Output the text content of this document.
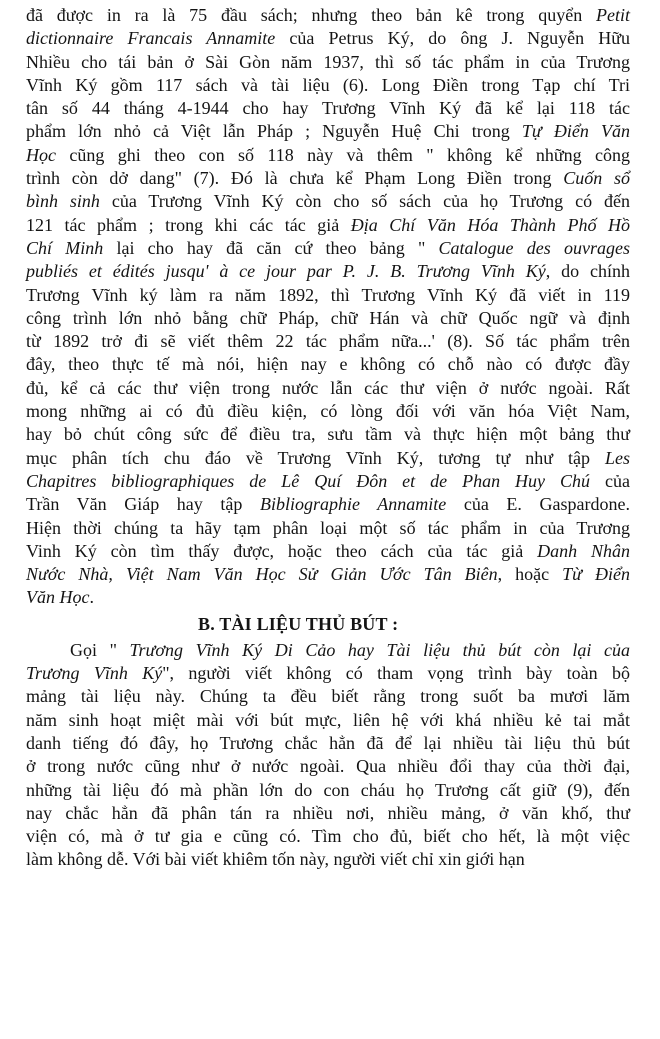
đã được in ra là 75 đầu sách; nhưng theo bản kê trong quyển Petit
dictionnaire Francais Annamite của Petrus Ký, do ông J. Nguyễn Hữu
Nhiều cho tái bản ở Sài Gòn năm 1937, thì số tác phẩm in của Trương
Vĩnh Ký gồm 117 sách và tài liệu (6). Long Điền trong Tạp chí Tri
tân số 44 tháng 4-1944 cho hay Trương Vĩnh Ký đã kể lại 118 tác
phẩm lớn nhỏ cả Việt lẫn Pháp ; Nguyễn Huệ Chi trong Tự Điển Văn
Học cũng ghi theo con số 118 này và thêm " không kể những công
trình còn dở dang" (7). Đó là chưa kể Phạm Long Điền trong Cuốn sổ
bình sinh của Trương Vĩnh Ký còn cho số sách của họ Trương có đến
121 tác phẩm ; trong khi các tác giả Địa Chí Văn Hóa Thành Phố Hồ
Chí Minh lại cho hay đã căn cứ theo bảng " Catalogue des ouvrages
publiés et édités jusqu' à ce jour par P. J. B. Trương Vĩnh Ký, do chính
Trương Vĩnh ký làm ra năm 1892, thì Trương Vĩnh Ký đã viết in 119
công trình lớn nhỏ bằng chữ Pháp, chữ Hán và chữ Quốc ngữ và định
từ 1892 trở đi sẽ viết thêm 22 tác phẩm nữa...' (8). Số tác phẩm trên
đây, theo thực tế mà nói, hiện nay e không có chỗ nào có được đầy
đủ, kể cả các thư viện trong nước lẫn các thư viện ở nước ngoài. Rất
mong những ai có đủ điều kiện, có lòng đối với văn hóa Việt Nam,
hay bỏ chút công sức để điều tra, sưu tầm và thực hiện một bảng thư
mục phân tích chu đáo về Trương Vĩnh Ký, tương tự như tập Les
Chapitres bibliographiques de Lê Quí Đôn et de Phan Huy Chú của
Trần Văn Giáp hay tập Bibliographie Annamite của E. Gaspardone.
Hiện thời chúng ta hãy tạm phân loại một số tác phẩm in của Trương
Vinh Ký còn tìm thấy được, hoặc theo cách của tác giả Danh Nhân
Nước Nhà, Việt Nam Văn Học Sử Giản Ước Tân Biên, hoặc Từ Điển
Văn Học.
B. TÀI LIỆU THỦ BÚT :
Gọi " Trương Vĩnh Ký Di Cảo hay Tài liệu thủ bút còn lại của
Trương Vĩnh Ký", người viết không có tham vọng trình bày toàn bộ
mảng tài liệu này. Chúng ta đều biết rằng trong suốt ba mươi lăm
năm sinh hoạt miệt mài với bút mực, liên hệ với khá nhiều kẻ tai mắt
danh tiếng đó đây, họ Trương chắc hẳn đã để lại nhiều tài liệu thủ bút
ở trong nước cũng như ở nước ngoài. Qua nhiều đổi thay của thời đại,
những tài liệu đó mà phần lớn do con cháu họ Trương cất giữ (9), đến
nay chắc hẳn đã phân tán ra nhiều nơi, nhiều mảng, ở văn khố, thư
viện có, mà ở tư gia e cũng có. Tìm cho đủ, biết cho hết, là một việc
làm không dễ. Với bài viết khiêm tốn này, người viết chỉ xin giới hạn
